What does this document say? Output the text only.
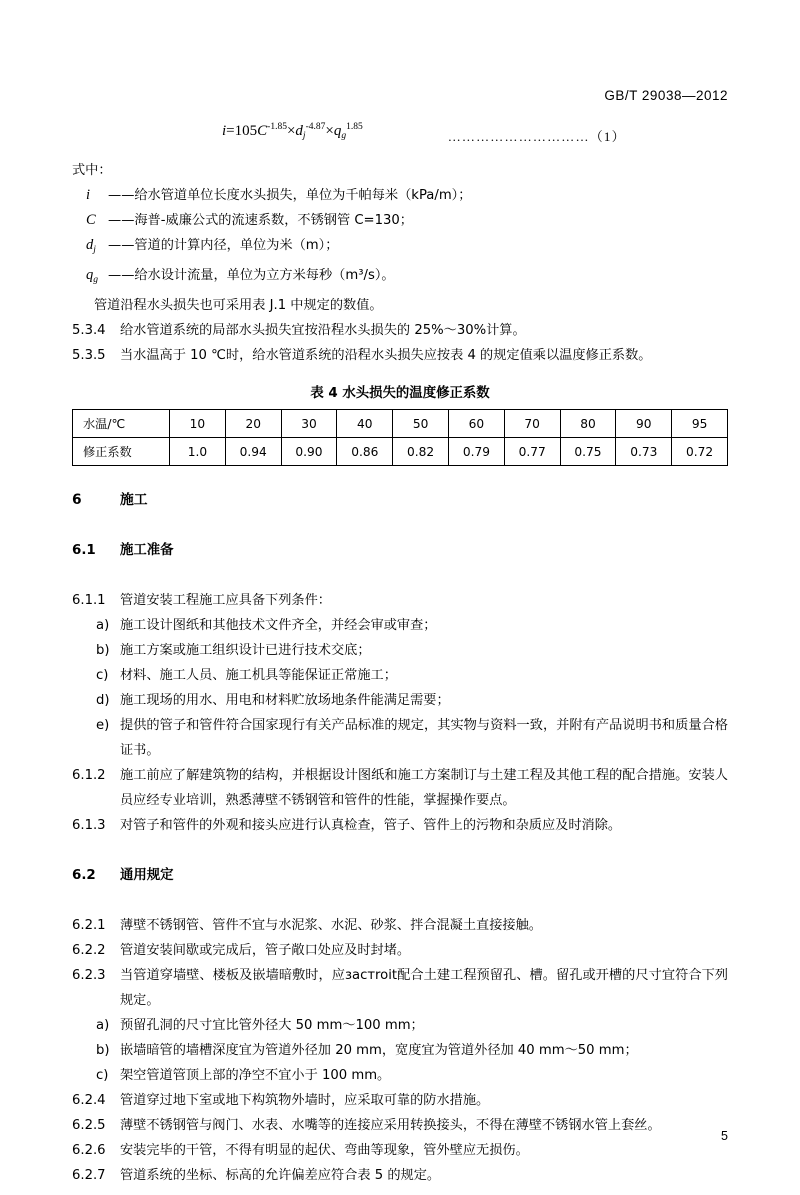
GB/T 29038—2012
$i=105C^{-1.85}\times d_j^{-4.87}\times q_g^{1.85}$
…………………………（1）
式中：
i	——给水管道单位长度水头损失，单位为千帕每米（kPa/m）；
C ——海普-威廉公式的流速系数，不锈钢管 C=130；
$d_j$ ——管道的计算内径，单位为米（m）；
$q_g$ ——给水设计流量，单位为立方米每秒（m³/s）。
管道沿程水头损失也可采用表 J.1 中规定的数值。
5.3.4	给水管道系统的局部水头损失宜按沿程水头损失的 25%～30%计算。
5.3.5	当水温高于 10 ℃时，给水管道系统的沿程水头损失应按表 4 的规定值乘以温度修正系数。
表 4 水头损失的温度修正系数
水温/℃	10	20	30	40	50	60	70	80	90	95
修正系数	1.0	0.94	0.90	0.86	0.82	0.79	0.77	0.75	0.73	0.72
6	施工
6.1 施工准备
6.1.1	管道安装工程施工应具备下列条件：
a) 施工设计图纸和其他技术文件齐全，并经会审或审查；
b) 施工方案或施工组织设计已进行技术交底；
c) 材料、施工人员、施工机具等能保证正常施工；
d) 施工现场的用水、用电和材料贮放场地条件能满足需要；
e) 提供的管子和管件符合国家现行有关产品标准的规定，其实物与资料一致，并附有产品说明书和质量合格证书。
6.1.2	施工前应了解建筑物的结构，并根据设计图纸和施工方案制订与土建工程及其他工程的配合措施。安装人员应经专业培训，熟悉薄壁不锈钢管和管件的性能，掌握操作要点。
6.1.3	对管子和管件的外观和接头应进行认真检查，管子、管件上的污物和杂质应及时消除。
6.2 通用规定
6.2.1	薄壁不锈钢管、管件不宜与水泥浆、水泥、砂浆、拌合混凝土直接接触。
6.2.2	管道安装间歇或完成后，管子敞口处应及时封堵。
6.2.3	当管道穿墙壁、楼板及嵌墙暗敷时，应застroit配合土建工程预留孔、槽。留孔或开槽的尺寸宜符合下列规定。
a) 预留孔洞的尺寸宜比管外径大 50 mm～100 mm；
b) 嵌墙暗管的墙槽深度宜为管道外径加 20 mm，宽度宜为管道外径加 40 mm～50 mm；
c) 架空管道管顶上部的净空不宜小于 100 mm。
6.2.4	管道穿过地下室或地下构筑物外墙时，应采取可靠的防水措施。
6.2.5	薄壁不锈钢管与阀门、水表、水嘴等的连接应采用转换接头，不得在薄壁不锈钢水管上套丝。
6.2.6	安装完毕的干管，不得有明显的起伏、弯曲等现象，管外壁应无损伤。
6.2.7	管道系统的坐标、标高的允许偏差应符合表 5 的规定。
5
